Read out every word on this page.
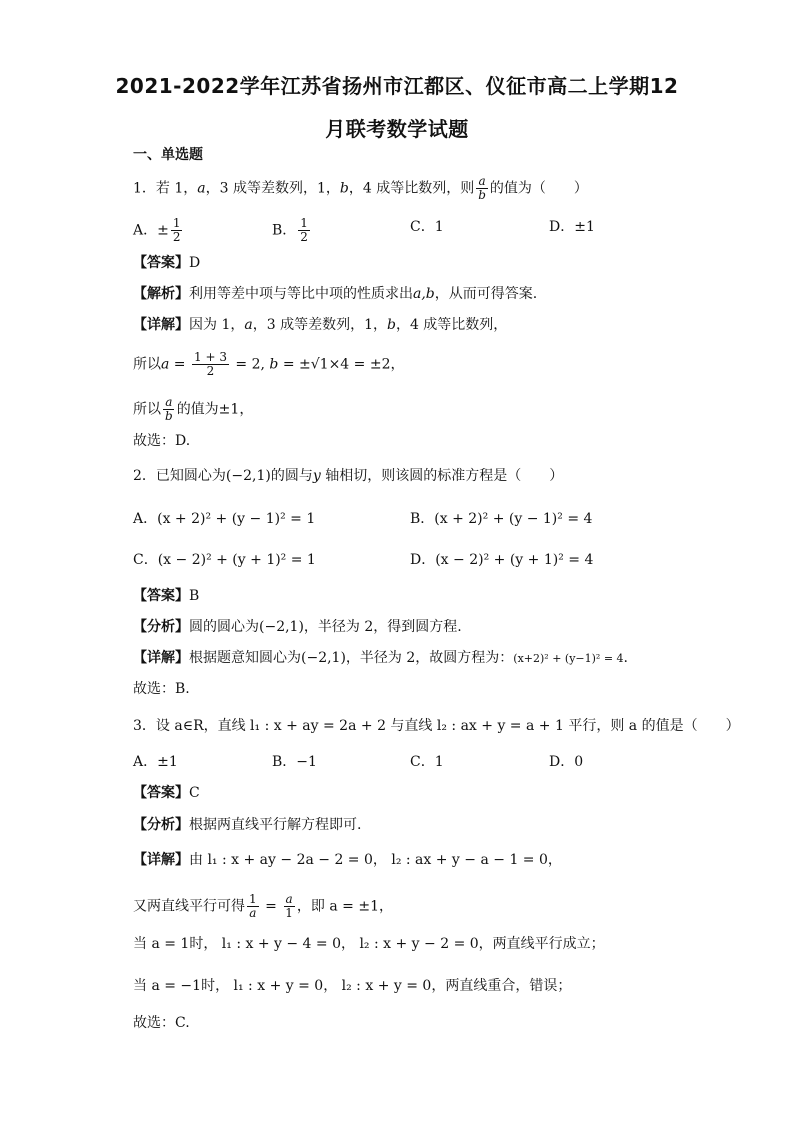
2021-2022学年江苏省扬州市江都区、仪征市高二上学期12
月联考数学试题
一、单选题
1．若 1，a，3 成等差数列，1，b，4 成等比数列，则 $\frac{a}{b}$ 的值为（　　）
A．± $\frac{1}{2}$	B． $\frac{1}{2}$	C．1	D．±1
【答案】D
【解析】利用等差中项与等比中项的性质求出a,b，从而可得答案.
【详解】因为 1，a，3 成等差数列，1，b，4 成等比数列，
所以$a = \frac{1 + 3}{2} = 2$, b = ±√1×4 = ±2，
所以 $\frac{a}{b}$ 的值为±1，
故选：D.
2．已知圆心为(−2,1)的圆与y 轴相切，则该圆的标准方程是（　　）
A．(x + 2)² + (y − 1)² = 1	B．(x + 2)² + (y − 1)² = 4
C．(x − 2)² + (y + 1)² = 1	D．(x − 2)² + (y + 1)² = 4
【答案】B
【分析】圆的圆心为(−2,1)，半径为 2，得到圆方程.
【详解】根据题意知圆心为(−2,1)，半径为 2，故圆方程为：(x+2)² + (y−1)² = 4.
故选：B.
3．设 a∈R，直线 l₁ : x + ay = 2a + 2 与直线 l₂ : ax + y = a + 1 平行，则 a 的值是（　　）
A．±1	B．−1	C．1	D．0
【答案】C
【分析】根据两直线平行解方程即可.
【详解】由 l₁ : x + ay − 2a − 2 = 0， l₂ : ax + y − a − 1 = 0，
又两直线平行可得 $\frac{1}{a} = \frac{a}{1}$ ，即 a = ±1，
当 a = 1时， l₁ : x + y − 4 = 0， l₂ : x + y − 2 = 0，两直线平行成立；
当 a = −1时， l₁ : x + y = 0， l₂ : x + y = 0，两直线重合，错误；
故选：C.
